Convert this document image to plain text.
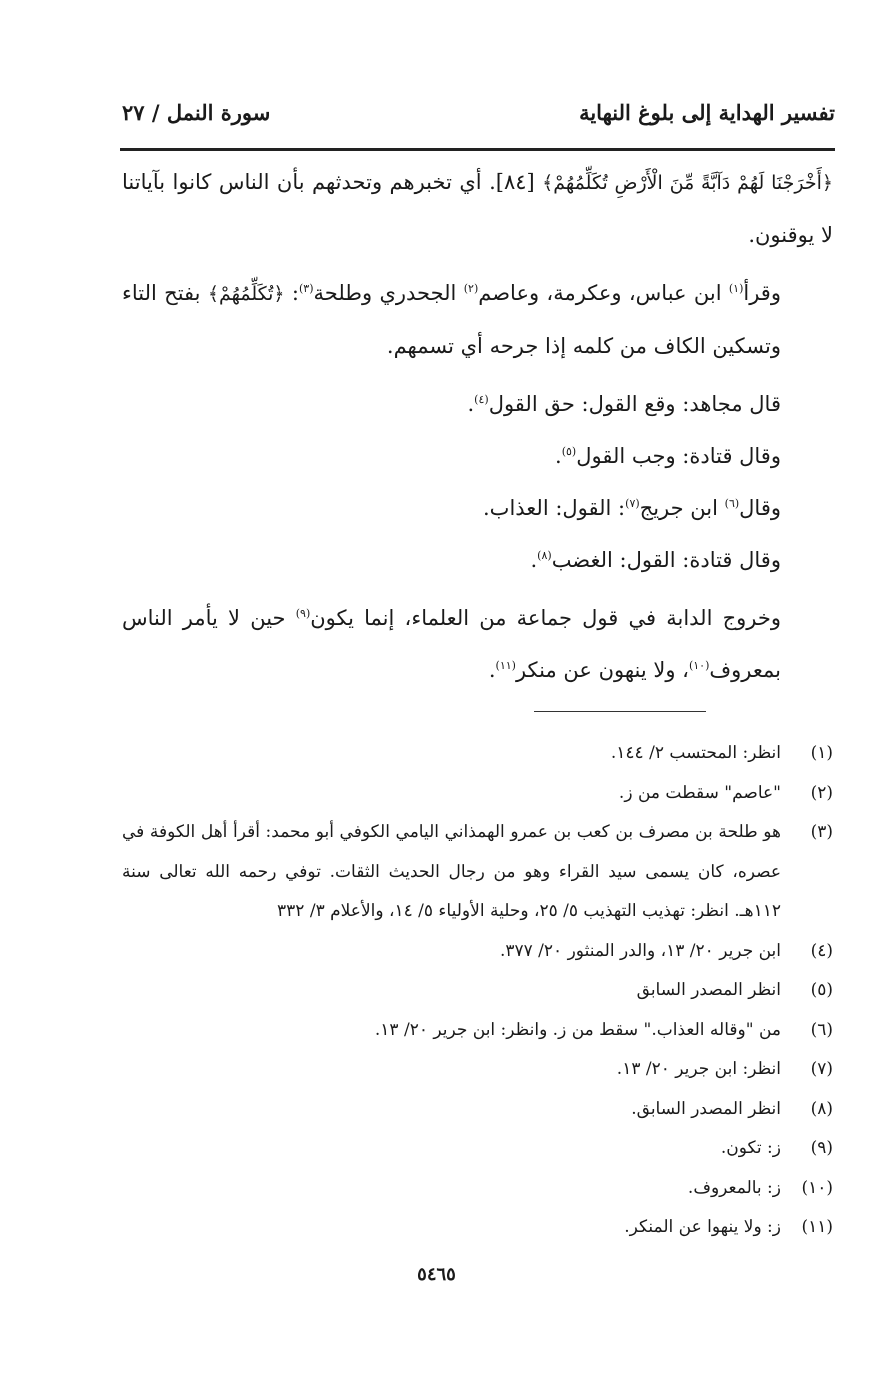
تفسير الهداية إلى بلوغ النهاية
سورة النمل / ٢٧

﴿أَخْرَجْنَا لَهُمْ دَآبَّةً مِّنَ الْأَرْضِ تُكَلِّمُهُمْ﴾ [٨٤]. أي تخبرهم وتحدثهم بأن الناس كانوا بآياتنا لا يوقنون.

وقرأ$^{(١)}$ ابن عباس، وعكرمة، وعاصم$^{(٢)}$ الجحدري وطلحة$^{(٣)}$: ﴿تُكَلِّمُهُمْ﴾ بفتح التاء وتسكين الكاف من كلمه إذا جرحه أي تسمهم.

قال مجاهد: وقع القول: حق القول$^{(٤)}$.

وقال قتادة: وجب القول$^{(٥)}$.

وقال$^{(٦)}$ ابن جريج$^{(٧)}$: القول: العذاب.

وقال قتادة: القول: الغضب$^{(٨)}$.

وخروج الدابة في قول جماعة من العلماء، إنما يكون$^{(٩)}$ حين لا يأمر الناس بمعروف$^{(١٠)}$، ولا ينهون عن منكر$^{(١١)}$.

(١)
انظر: المحتسب ٢/ ١٤٤.
(٢)
"عاصم" سقطت من ز.
(٣)
هو طلحة بن مصرف بن كعب بن عمرو الهمذاني اليامي الكوفي أبو محمد: أقرأ أهل الكوفة في عصره، كان يسمى سيد القراء وهو من رجال الحديث الثقات. توفي رحمه الله تعالى سنة ١١٢هـ. انظر: تهذيب التهذيب ٥/ ٢٥، وحلية الأولياء ٥/ ١٤، والأعلام ٣/ ٣٣٢
(٤)
ابن جرير ٢٠/ ١٣، والدر المنثور ٢٠/ ٣٧٧.
(٥)
انظر المصدر السابق
(٦)
من "وقاله العذاب." سقط من ز. وانظر: ابن جرير ٢٠/ ١٣.
(٧)
انظر: ابن جرير ٢٠/ ١٣.
(٨)
انظر المصدر السابق.
(٩)
ز: تكون.
(١٠)
ز: بالمعروف.
(١١)
ز: ولا ينهوا عن المنكر.
٥٤٦٥
